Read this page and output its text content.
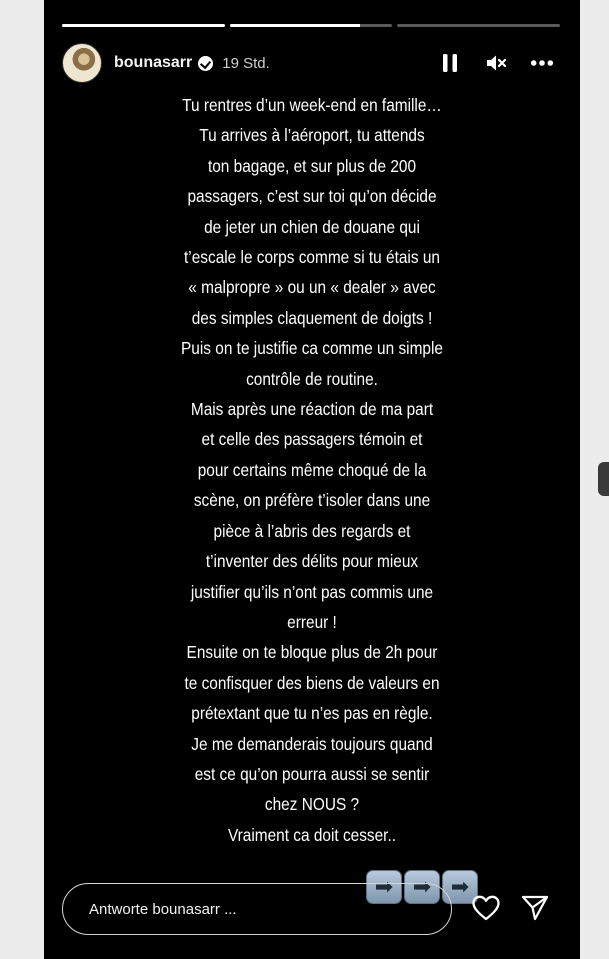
bounasarr 19 Std.
Tu rentres d’un week-end en famille…
Tu arrives à l’aéroport, tu attends
ton bagage, et sur plus de 200
passagers, c’est sur toi qu’on décide
de jeter un chien de douane qui
t’escale le corps comme si tu étais un
« malpropre » ou un « dealer » avec
des simples claquement de doigts !
Puis on te justifie ca comme un simple
contrôle de routine.
Mais après une réaction de ma part
et celle des passagers témoin et
pour certains même choqué de la
scène, on préfère t’isoler dans une
pièce à l’abris des regards et
t’inventer des délits pour mieux
justifier qu’ils n’ont pas commis une
erreur !
Ensuite on te bloque plus de 2h pour
te confisquer des biens de valeurs en
prétextant que tu n’es pas en règle.
Je me demanderais toujours quand
est ce qu’on pourra aussi se sentir
chez NOUS ?
Vraiment ca doit cesser..
➡ ➡ ➡
Antworte bounasarr ...
